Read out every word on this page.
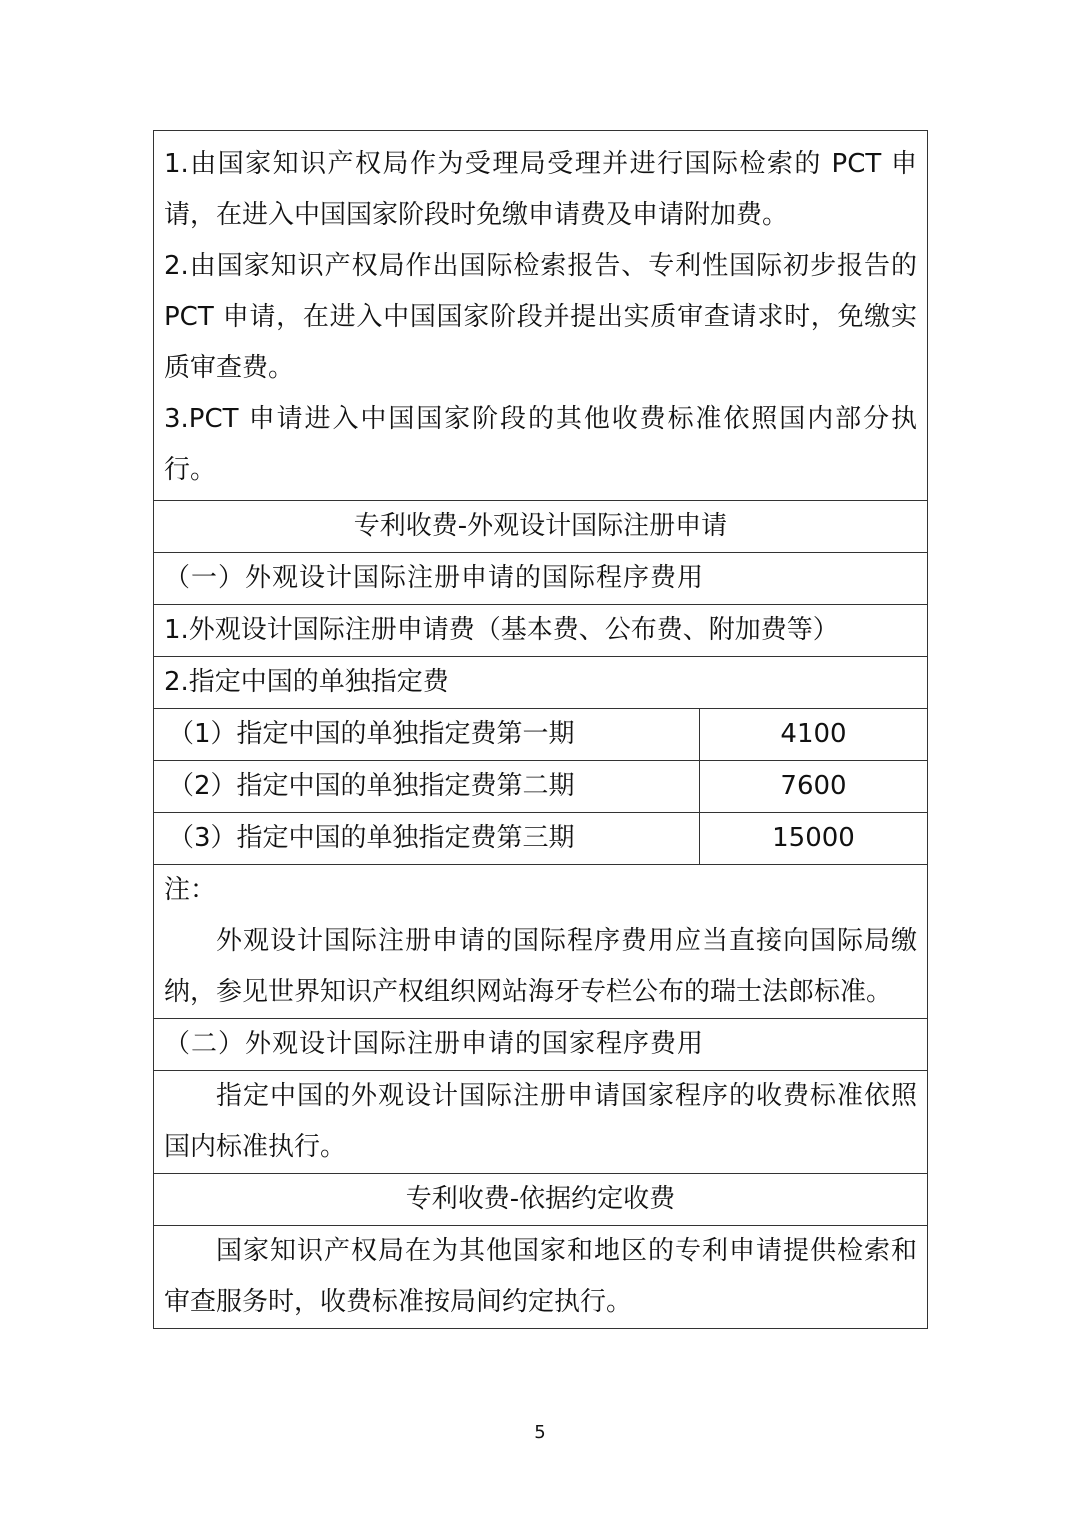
1.由国家知识产权局作为受理局受理并进行国际检索的 PCT 申请，在进入中国国家阶段时免缴申请费及申请附加费。
2.由国家知识产权局作出国际检索报告、专利性国际初步报告的 PCT 申请，在进入中国国家阶段并提出实质审查请求时，免缴实质审查费。
3.PCT 申请进入中国国家阶段的其他收费标准依照国内部分执行。	

专利收费-外观设计国际注册申请	
（一）外观设计国际注册申请的国际程序费用	
1.外观设计国际注册申请费（基本费、公布费、附加费等）	
2.指定中国的单独指定费	
（1）指定中国的单独指定费第一期	4100
（2）指定中国的单独指定费第二期	7600
（3）指定中国的单独指定费第三期	15000

注：
外观设计国际注册申请的国际程序费用应当直接向国际局缴纳，参见世界知识产权组织网站海牙专栏公布的瑞士法郎标准。	

（二）外观设计国际注册申请的国家程序费用	

指定中国的外观设计国际注册申请国家程序的收费标准依照国内标准执行。	

专利收费-依据约定收费	

国家知识产权局在为其他国家和地区的专利申请提供检索和审查服务时，收费标准按局间约定执行。	
5
